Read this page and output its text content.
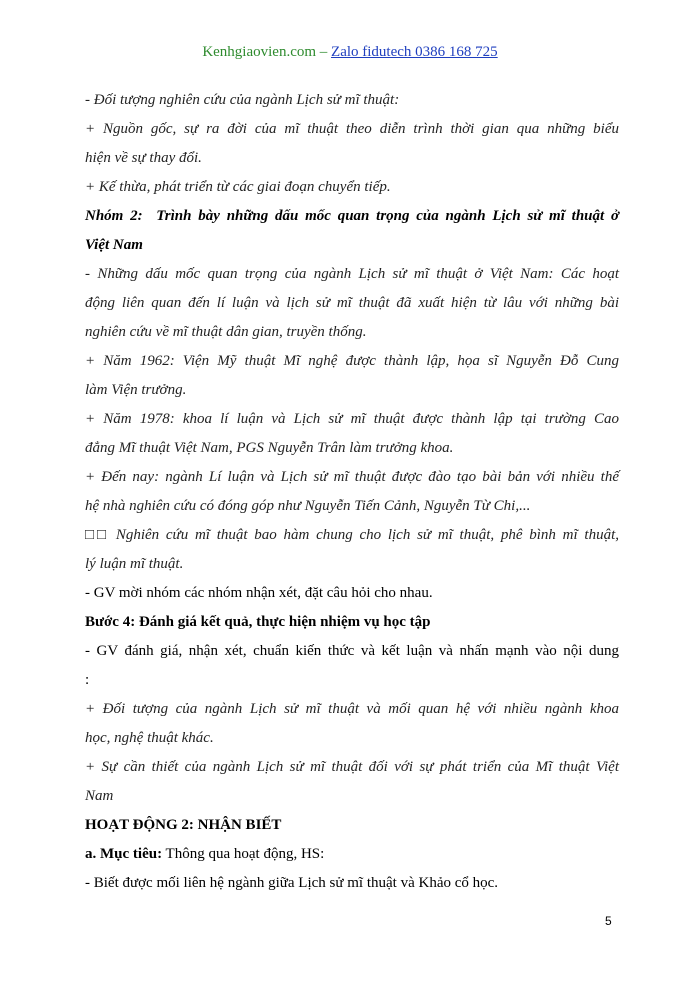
Kenhgiaovien.com – Zalo fidutech 0386 168 725
- Đối tượng nghiên cứu của ngành Lịch sử mĩ thuật:
+ Nguồn gốc, sự ra đời của mĩ thuật theo diễn trình thời gian qua những biểu
hiện về sự thay đổi.
+ Kế thừa, phát triển từ các giai đoạn chuyển tiếp.
Nhóm 2: Trình bày những dấu mốc quan trọng của ngành Lịch sử mĩ thuật ở
Việt Nam
- Những dấu mốc quan trọng của ngành Lịch sử mĩ thuật ở Việt Nam: Các hoạt
động liên quan đến lí luận và lịch sử mĩ thuật đã xuất hiện từ lâu với những bài
nghiên cứu về mĩ thuật dân gian, truyền thống.
+ Năm 1962: Viện Mỹ thuật Mĩ nghệ được thành lập, họa sĩ Nguyễn Đỗ Cung
làm Viện trưởng.
+ Năm 1978: khoa lí luận và Lịch sử mĩ thuật được thành lập tại trường Cao
đẳng Mĩ thuật Việt Nam, PGS Nguyễn Trân làm trưởng khoa.
+ Đến nay: ngành Lí luận và Lịch sử mĩ thuật được đào tạo bài bản với nhiều thế
hệ nhà nghiên cứu có đóng góp như Nguyễn Tiến Cảnh, Nguyễn Từ Chi,...
□□ Nghiên cứu mĩ thuật bao hàm chung cho lịch sử mĩ thuật, phê bình mĩ thuật,
lý luận mĩ thuật.
- GV mời nhóm các nhóm nhận xét, đặt câu hỏi cho nhau.
Bước 4: Đánh giá kết quả, thực hiện nhiệm vụ học tập
- GV đánh giá, nhận xét, chuẩn kiến thức và kết luận và nhấn mạnh vào nội dung
:
+ Đối tượng của ngành Lịch sử mĩ thuật và mối quan hệ với nhiều ngành khoa
học, nghệ thuật khác.
+ Sự cần thiết của ngành Lịch sử mĩ thuật đối với sự phát triển của Mĩ thuật Việt
Nam
HOẠT ĐỘNG 2: NHẬN BIẾT
a. Mục tiêu: Thông qua hoạt động, HS:
- Biết được mối liên hệ ngành giữa Lịch sử mĩ thuật và Khảo cổ học.
5
